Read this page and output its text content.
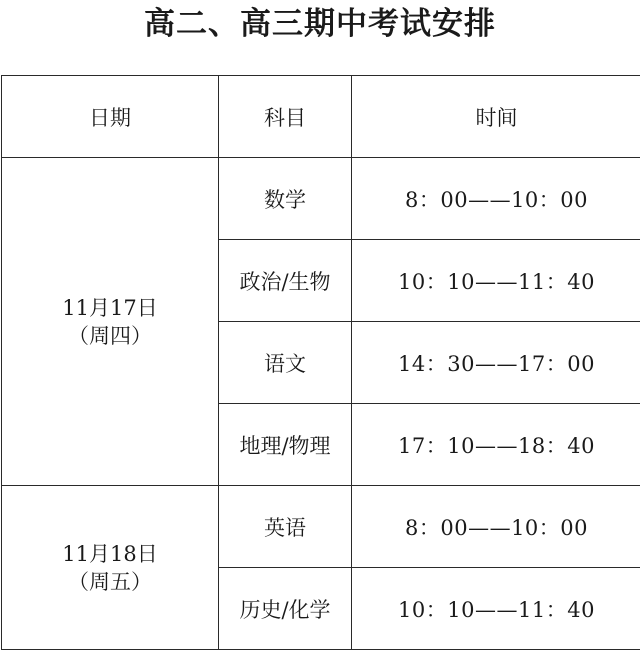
高二、高三期中考试安排
日期	科目	时间

11月17日
（周四）	数学	8：00——10：00
	政治/生物	10：10——11：40
	语文	14：30——17：00
	地理/物理	17：10——18：40

11月18日
（周五）	英语	8：00——10：00
	历史/化学	10：10——11：40
